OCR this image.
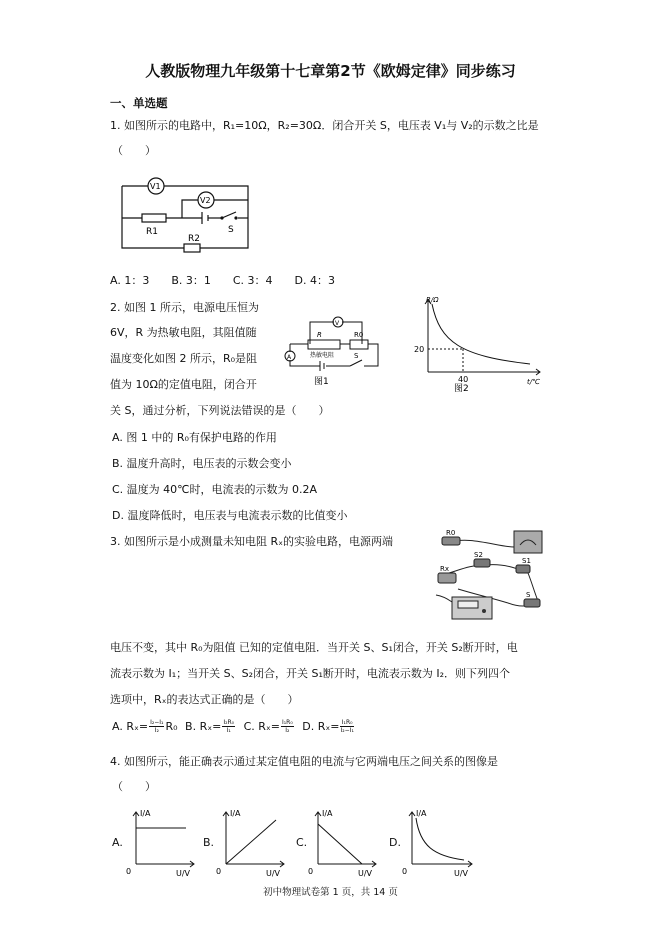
人教版物理九年级第十七章第2节《欧姆定律》同步练习
一、单选题
1. 如图所示的电路中，R₁=10Ω，R₂=30Ω．闭合开关 S，电压表 V₁与 V₂的示数之比是
（　　）
V1
V2
R1
R2
S
A. 1：3　　B. 3：1　　C. 3：4　　D. 4：3
2. 如图 1 所示，电源电压恒为
6V，R 为热敏电阻，其阻值随
温度变化如图 2 所示，R₀是阻
值为 10Ω的定值电阻，闭合开
关 S，通过分析，下列说法错误的是（　　）
V
R
热敏电阻
R0
A	S
图1
R/Ω
t/℃
20
40
图2
A. 图 1 中的 R₀有保护电路的作用
B. 温度升高时，电压表的示数会变小
C. 温度为 40℃时，电流表的示数为 0.2A
D. 温度降低时，电压表与电流表示数的比值变小
3. 如图所示是小成测量未知电阻 Rₓ的实验电路，电源两端
R0
S2
Rx
S1
S
电压不变，其中 R₀为阻值 已知的定值电阻．当开关 S、S₁闭合，开关 S₂断开时，电
流表示数为 I₁；当开关 S、S₂闭合，开关 S₁断开时，电流表示数为 I₂．则下列四个
选项中，Rₓ的表达式正确的是（　　）
A. $R_x= \frac{\text{I₂−I₁}}{\text{I₂}} R_0$ B. $R_x= \frac{\text{I₂R₀}}{\text{I₁}} C$. $R_x= \frac{\text{I₁R₀}}{\text{I₂}} D$. $R_x= \frac{\text{I₁R₀}}{\text{I₂−I₁}}$
4. 如图所示，能正确表示通过某定值电阻的电流与它两端电压之间关系的图像是
（　　）
A.
I/A
0	U/V
B.
I/A
0	U/V
C.
I/A
0	U/V
D.
I/A
0	U/V
初中物理试卷第 1 页，共 14 页
